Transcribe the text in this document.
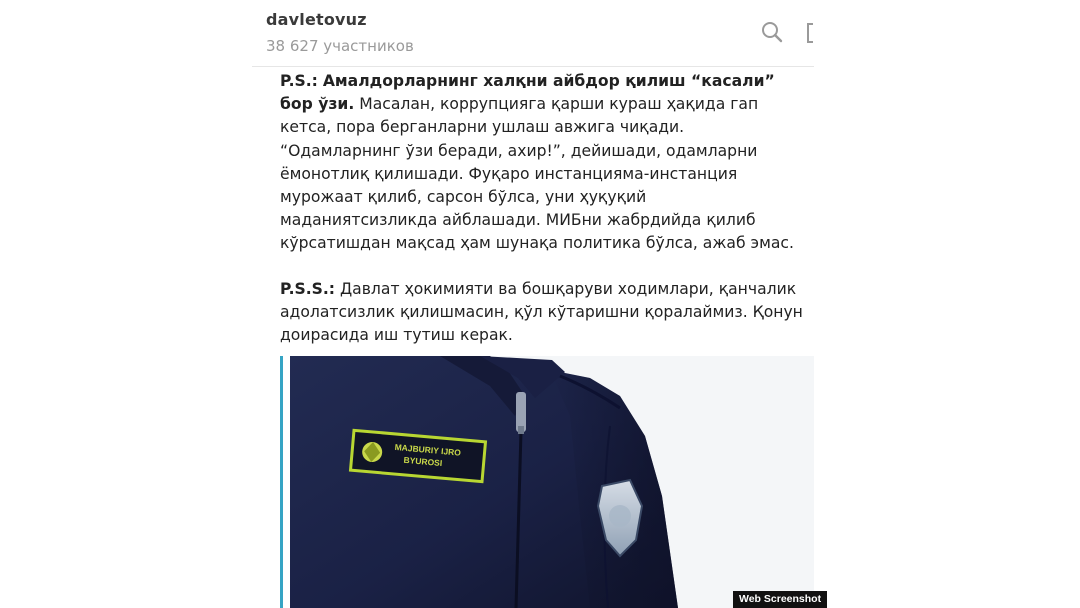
davletovuz
38 627 участников

P.S.: Амалдорларнинг халқни айбдор қилиш “касали” бор ўзи. Масалан, коррупцияга қарши кураш ҳақида гап кетса, пора берганларни ушлаш авжига чиқади. “Одамларнинг ўзи беради, ахир!”, дейишади, одамларни ёмонотлиқ қилишади. Фуқаро инстанцияма-инстанция мурожаат қилиб, сарсон бўлса, уни ҳуқуқий маданиятсизликда айблашади. МИБни жабрдийда қилиб кўрсатишдан мақсад ҳам шунақа политика бўлса, ажаб эмас.

P.S.S.: Давлат ҳокимияти ва бошқаруви ходимлари, қанчалик адолатсизлик қилишмасин, қўл кўтаришни қоралаймиз. Қонун доирасида иш тутиш керак.

MAJBURIY IJRO
BYUROSI
Web Screenshot
